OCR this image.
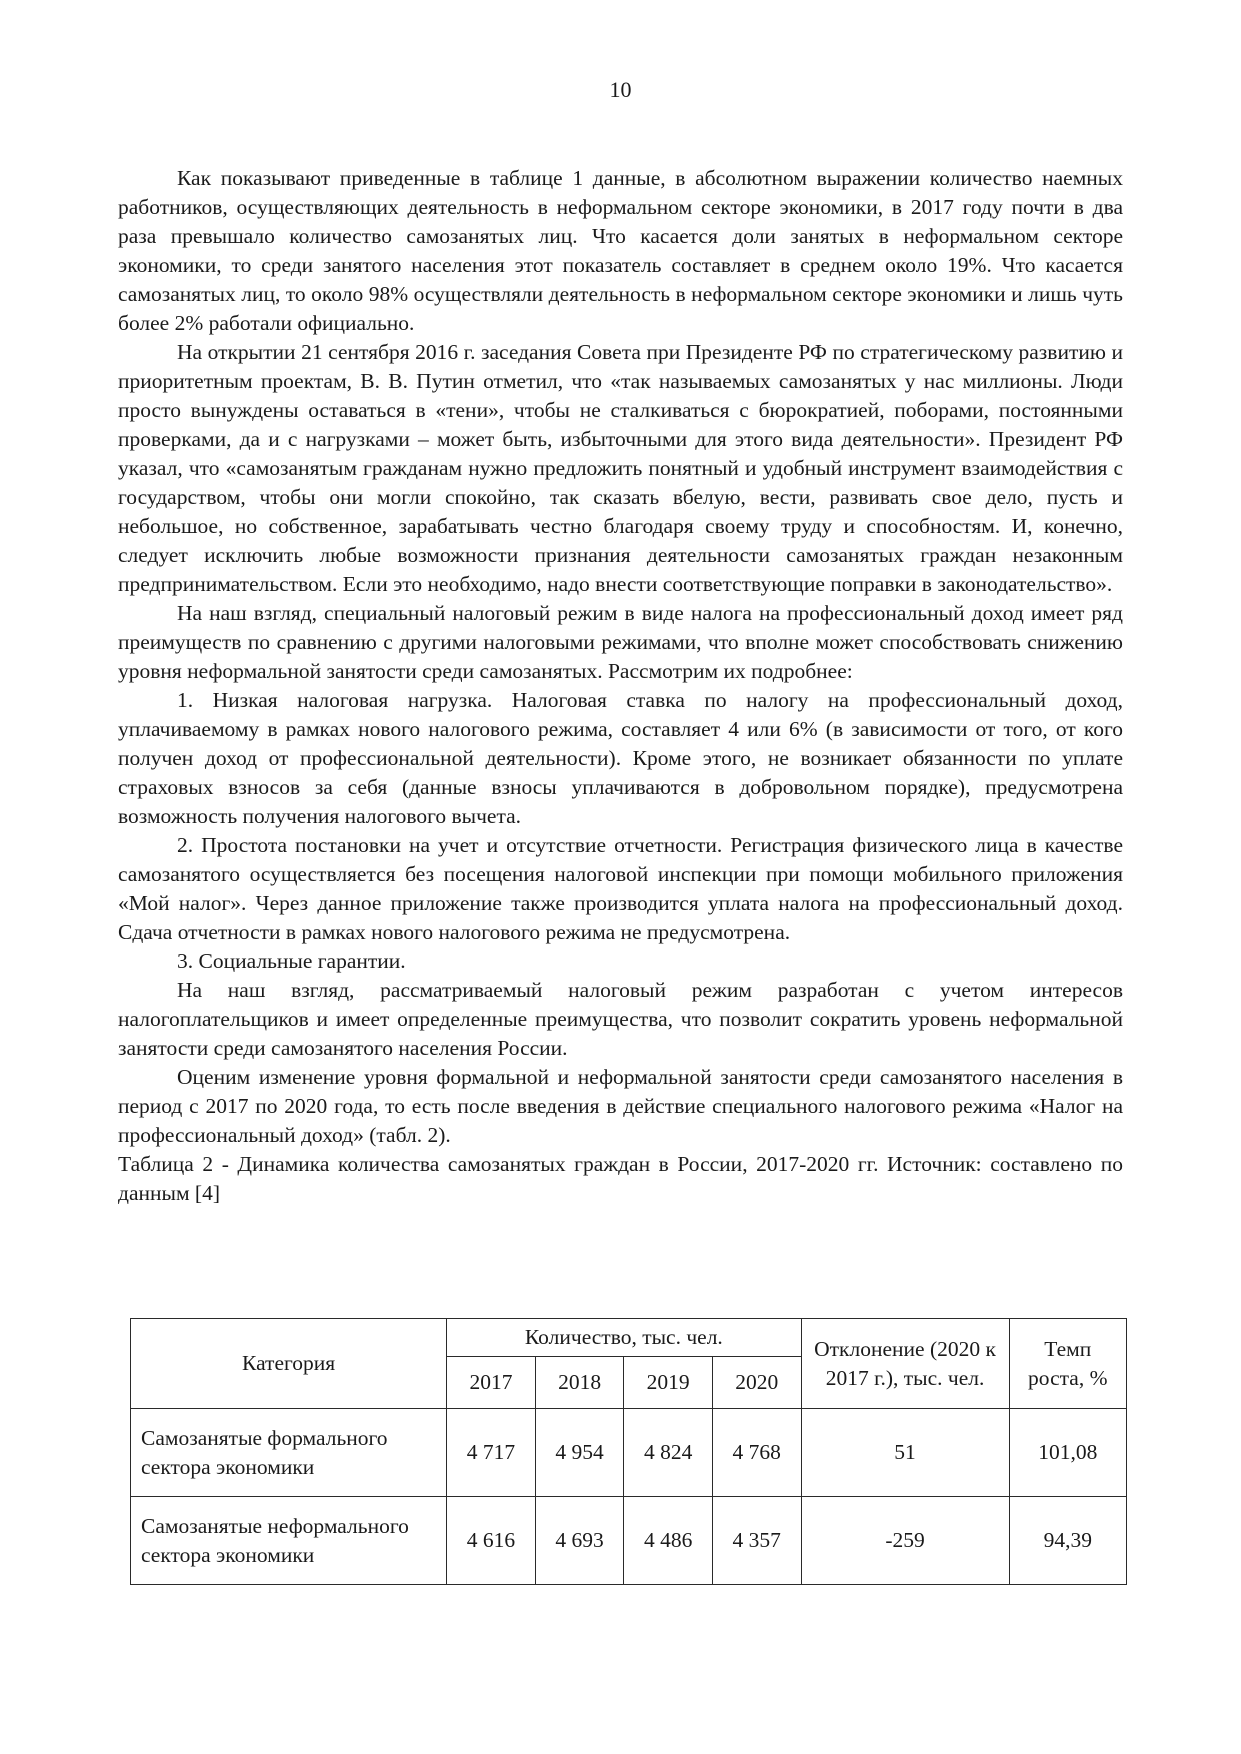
10

Как показывают приведенные в таблице 1 данные, в абсолютном выражении количество наемных работников, осуществляющих деятельность в неформальном секторе экономики, в 2017 году почти в два раза превышало количество самозанятых лиц. Что касается доли занятых в неформальном секторе экономики, то среди занятого населения этот показатель составляет в среднем около 19%. Что касается самозанятых лиц, то около 98% осуществляли деятельность в неформальном секторе экономики и лишь чуть более 2% работали официально.

На открытии 21 сентября 2016 г. заседания Совета при Президенте РФ по стратегическому развитию и приоритетным проектам, В. В. Путин отметил, что «так называемых самозанятых у нас миллионы. Люди просто вынуждены оставаться в «тени», чтобы не сталкиваться с бюрократией, поборами, постоянными проверками, да и с нагрузками – может быть, избыточными для этого вида деятельности». Президент РФ указал, что «самозанятым гражданам нужно предложить понятный и удобный инструмент взаимодействия с государством, чтобы они могли спокойно, так сказать вбелую, вести, развивать свое дело, пусть и небольшое, но собственное, зарабатывать честно благодаря своему труду и способностям. И, конечно, следует исключить любые возможности признания деятельности самозанятых граждан незаконным предпринимательством. Если это необходимо, надо внести соответствующие поправки в законодательство».

На наш взгляд, специальный налоговый режим в виде налога на профессиональный доход имеет ряд преимуществ по сравнению с другими налоговыми режимами, что вполне может способствовать снижению уровня неформальной занятости среди самозанятых. Рассмотрим их подробнее:

1. Низкая налоговая нагрузка. Налоговая ставка по налогу на профессиональный доход, уплачиваемому в рамках нового налогового режима, составляет 4 или 6% (в зависимости от того, от кого получен доход от профессиональной деятельности). Кроме этого, не возникает обязанности по уплате страховых взносов за себя (данные взносы уплачиваются в добровольном порядке), предусмотрена возможность получения налогового вычета.

2. Простота постановки на учет и отсутствие отчетности. Регистрация физического лица в качестве самозанятого осуществляется без посещения налоговой инспекции при помощи мобильного приложения «Мой налог». Через данное приложение также производится уплата налога на профессиональный доход. Сдача отчетности в рамках нового налогового режима не предусмотрена.

3. Социальные гарантии.

На наш взгляд, рассматриваемый налоговый режим разработан с учетом интересов налогоплательщиков и имеет определенные преимущества, что позволит сократить уровень неформальной занятости среди самозанятого населения России.

Оценим изменение уровня формальной и неформальной занятости среди самозанятого населения в период с 2017 по 2020 года, то есть после введения в действие специального налогового режима «Налог на профессиональный доход» (табл. 2).

Таблица 2 - Динамика количества самозанятых граждан в России, 2017-2020 гг. Источник: составлено по данным [4]

Категория	Количество, тыс. чел.				Отклонение (2020 к 2017 г.), тыс. чел.	Темп роста, %
	2017	2018	2019	2020		
Самозанятые формального сектора экономики	4 717	4 954	4 824	4 768	51	101,08
Самозанятые неформального сектора экономики	4 616	4 693	4 486	4 357	-259	94,39
